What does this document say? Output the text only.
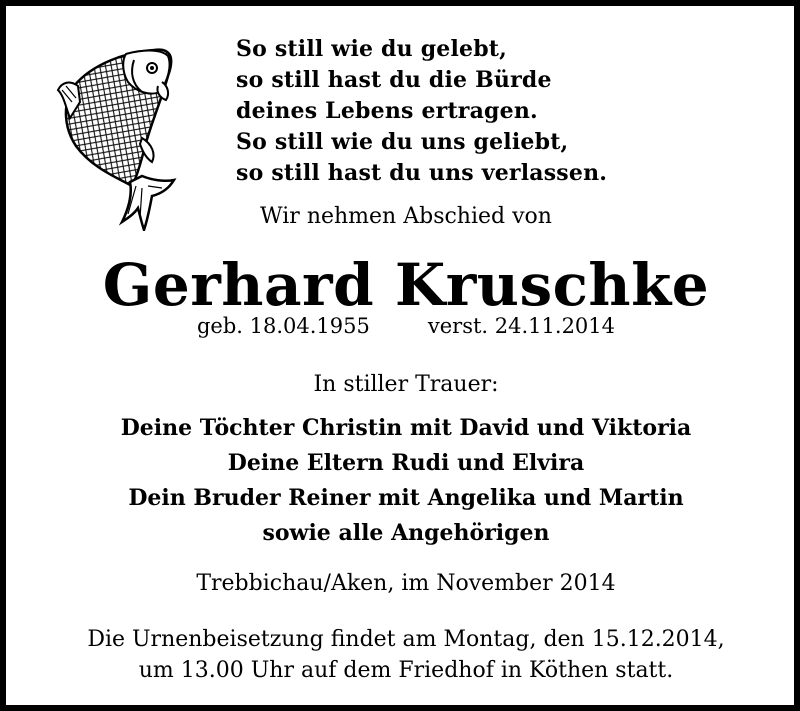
So still wie du gelebt,
so still hast du die Bürde
deines Lebens ertragen.
So still wie du uns geliebt,
so still hast du uns verlassen.
Wir nehmen Abschied von
Gerhard Kruschke
geb. 18.04.1955	verst. 24.11.2014
In stiller Trauer:
Deine Töchter Christin mit David und Viktoria
Deine Eltern Rudi und Elvira
Dein Bruder Reiner mit Angelika und Martin
sowie alle Angehörigen
Trebbichau/Aken, im November 2014
Die Urnenbeisetzung findet am Montag, den 15.12.2014,
um 13.00 Uhr auf dem Friedhof in Köthen statt.
